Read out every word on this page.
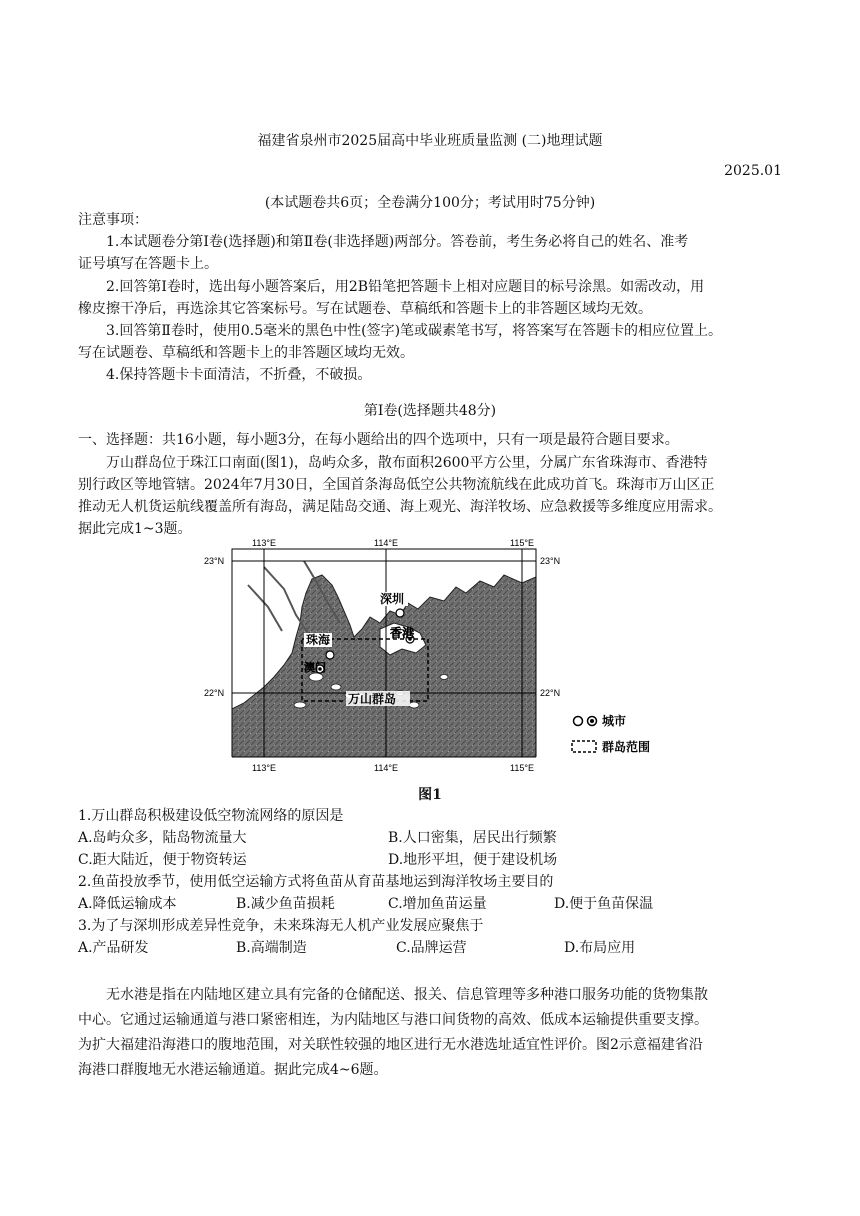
福建省泉州市2025届高中毕业班质量监测 (二)地理试题
2025.01
(本试题卷共6页；全卷满分100分；考试用时75分钟)
注意事项：
1.本试题卷分第Ⅰ卷(选择题)和第Ⅱ卷(非选择题)两部分。答卷前，考生务必将自己的姓名、准考
证号填写在答题卡上。
2.回答第Ⅰ卷时，选出每小题答案后，用2B铅笔把答题卡上相对应题目的标号涂黑。如需改动，用
橡皮擦干净后，再选涂其它答案标号。写在试题卷、草稿纸和答题卡上的非答题区域均无效。
3.回答第Ⅱ卷时，使用0.5毫米的黑色中性(签字)笔或碳素笔书写，将答案写在答题卡的相应位置上。
写在试题卷、草稿纸和答题卡上的非答题区域均无效。
4.保持答题卡卡面清洁，不折叠，不破损。
第Ⅰ卷(选择题共48分)
一、选择题：共16小题，每小题3分，在每小题给出的四个选项中，只有一项是最符合题目要求。
万山群岛位于珠江口南面(图1)，岛屿众多，散布面积2600平方公里，分属广东省珠海市、香港特
别行政区等地管辖。2024年7月30日，全国首条海岛低空公共物流航线在此成功首飞。珠海市万山区正
推动无人机货运航线覆盖所有海岛，满足陆岛交通、海上观光、海洋牧场、应急救援等多维度应用需求。
据此完成1~3题。
113°E	114°E	115°E
113°E	114°E	115°E
23°N
22°N
23°N
22°N
深圳
珠海	香港
澳门
万山群岛
城市
群岛范围
图1
1.万山群岛积极建设低空物流网络的原因是
A.岛屿众多，陆岛物流量大	B.人口密集，居民出行频繁
C.距大陆近，便于物资转运	D.地形平坦，便于建设机场
2.鱼苗投放季节，使用低空运输方式将鱼苗从育苗基地运到海洋牧场主要目的
A.降低运输成本	B.减少鱼苗损耗	C.增加鱼苗运量	D.便于鱼苗保温
3.为了与深圳形成差异性竞争，未来珠海无人机产业发展应聚焦于
A.产品研发	B.高端制造	C.品牌运营	D.布局应用
无水港是指在内陆地区建立具有完备的仓储配送、报关、信息管理等多种港口服务功能的货物集散
中心。它通过运输通道与港口紧密相连，为内陆地区与港口间货物的高效、低成本运输提供重要支撑。
为扩大福建沿海港口的腹地范围，对关联性较强的地区进行无水港选址适宜性评价。图2示意福建省沿
海港口群腹地无水港运输通道。据此完成4~6题。
